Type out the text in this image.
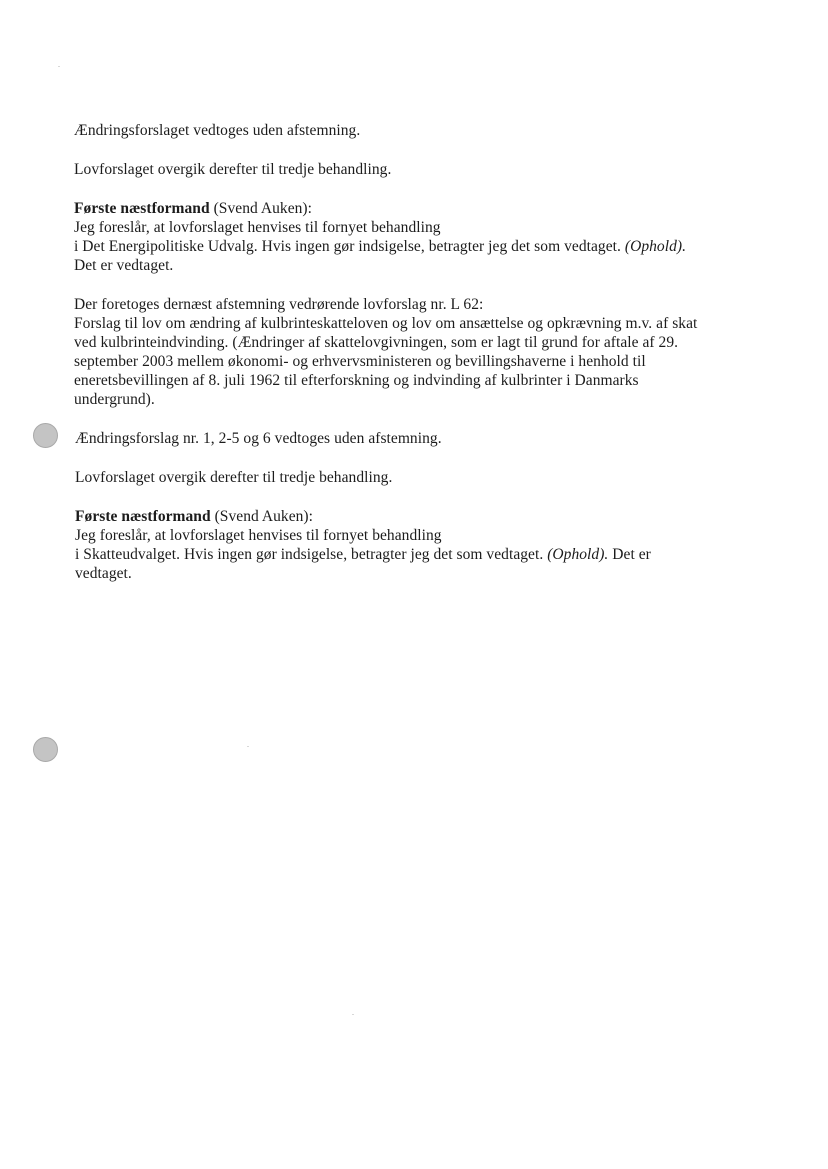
Ændringsforslaget vedtoges uden afstemning.
Lovforslaget overgik derefter til tredje behandling.
Første næstformand (Svend Auken):
Jeg foreslår, at lovforslaget henvises til fornyet behandling
i Det Energipolitiske Udvalg. Hvis ingen gør indsigelse, betragter jeg det som vedtaget. (Ophold).
Det er vedtaget.
Der foretoges dernæst afstemning vedrørende lovforslag nr. L 62:
Forslag til lov om ændring af kulbrinteskatteloven og lov om ansættelse og opkrævning m.v. af skat
ved kulbrinteindvinding. (Ændringer af skattelovgivningen, som er lagt til grund for aftale af 29.
september 2003 mellem økonomi- og erhvervsministeren og bevillingshaverne i henhold til
eneretsbevillingen af 8. juli 1962 til efterforskning og indvinding af kulbrinter i Danmarks
undergrund).
Ændringsforslag nr. 1, 2-5 og 6 vedtoges uden afstemning.
Lovforslaget overgik derefter til tredje behandling.
Første næstformand (Svend Auken):
Jeg foreslår, at lovforslaget henvises til fornyet behandling
i Skatteudvalget. Hvis ingen gør indsigelse, betragter jeg det som vedtaget. (Ophold). Det er
vedtaget.
